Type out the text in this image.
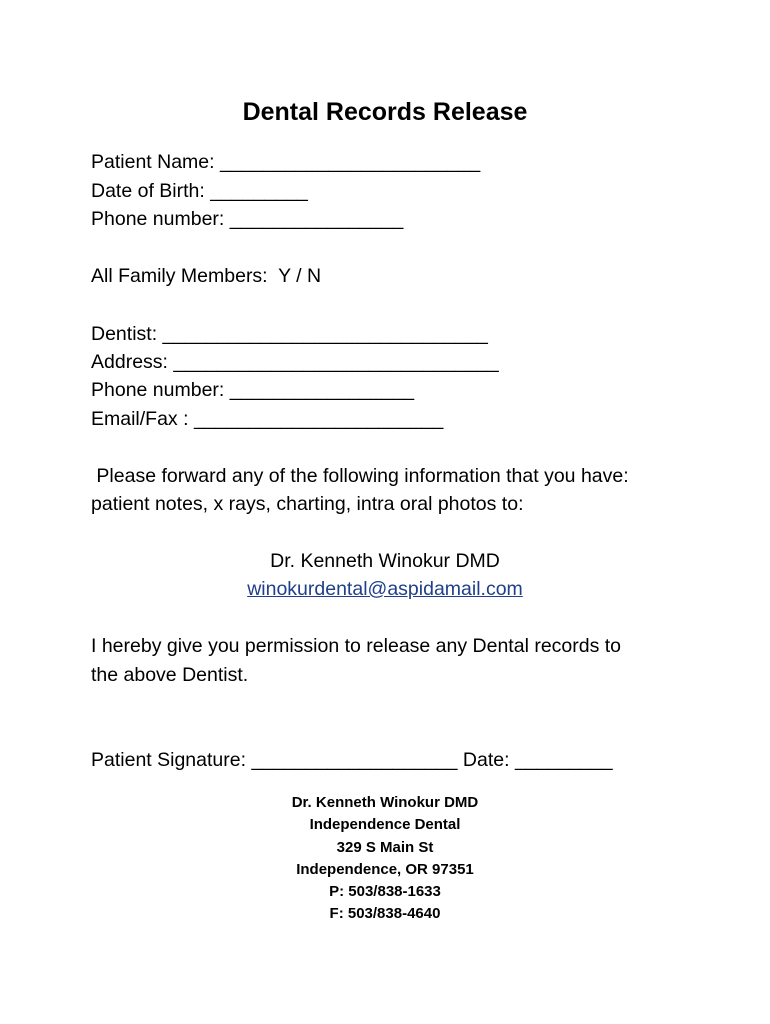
Dental Records Release
Patient Name: ________________________
Date of Birth: _________
Phone number: ________________
All Family Members:  Y / N
Dentist: ______________________________
Address: ______________________________
Phone number: _________________
Email/Fax : _______________________
Please forward any of the following information that you have:
patient notes, x rays, charting, intra oral photos to:
Dr. Kenneth Winokur DMD
winokurdental@aspidamail.com
I hereby give you permission to release any Dental records to
the above Dentist.
Patient Signature: ___________________ Date: _________
Dr. Kenneth Winokur DMD
Independence Dental
329 S Main St
Independence, OR 97351
P: 503/838-1633
F: 503/838-4640
